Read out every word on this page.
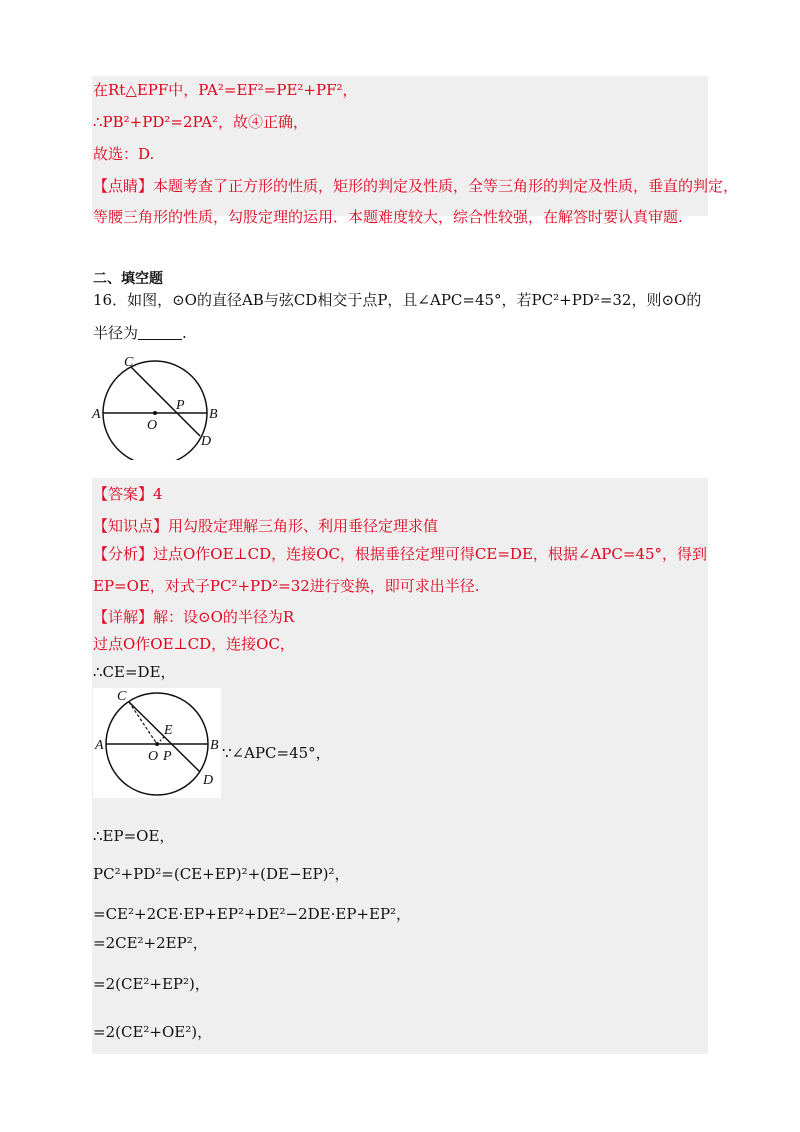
在Rt△EPF中，PA²=EF²=PE²+PF²，
∴PB²+PD²=2PA²，故④正确，
故选：D.
【点睛】本题考查了正方形的性质，矩形的判定及性质，全等三角形的判定及性质，垂直的判定，
等腰三角形的性质，勾股定理的运用．本题难度较大，综合性较强，在解答时要认真审题.
二、填空题
16．如图，⊙O的直径AB与弦CD相交于点P，且∠APC=45°，若PC²+PD²=32，则⊙O的
半径为	.
C
A
P
B
O
D
【答案】4
【知识点】用勾股定理解三角形、利用垂径定理求值
【分析】过点O作OE⊥CD，连接OC，根据垂径定理可得CE=DE，根据∠APC=45°，得到
EP=OE，对式子PC²+PD²=32进行变换，即可求出半径.
【详解】解：设⊙O的半径为R
过点O作OE⊥CD，连接OC，
∴CE=DE，
C
E
A	B
O P
D
∵∠APC=45°，
∴EP=OE，
PC²+PD²=(CE+EP)²+(DE−EP)²，
=CE²+2CE·EP+EP²+DE²−2DE·EP+EP²，
=2CE²+2EP²，
=2(CE²+EP²)，
=2(CE²+OE²)，
